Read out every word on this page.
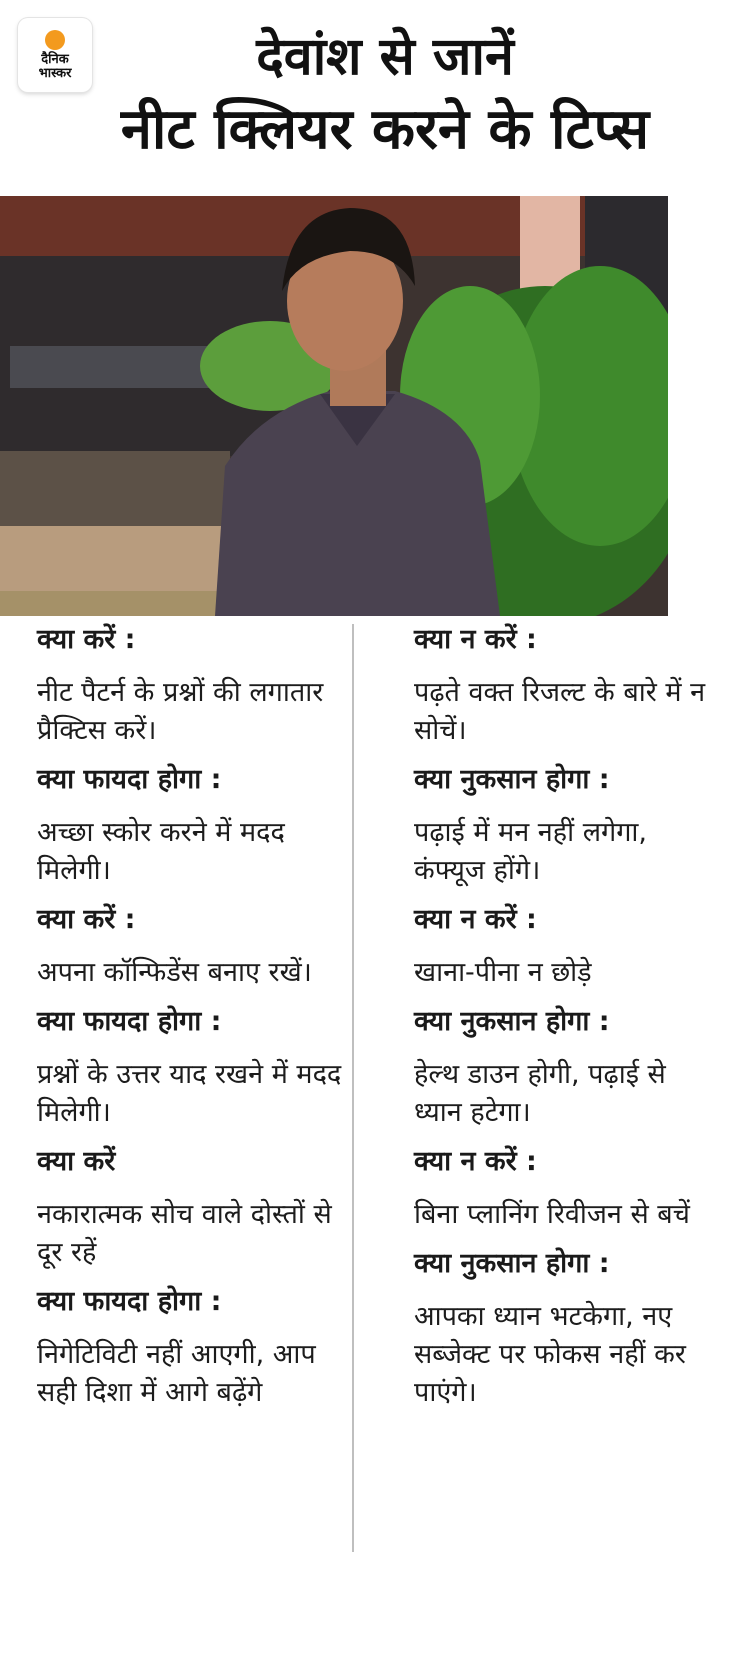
दैनिक
भास्कर	देवांश से जानें
नीट क्लियर करने के टिप्स
क्या करें :
नीट पैटर्न के प्रश्नों की लगातार प्रैक्टिस करें।
क्या फायदा होगा :
अच्छा स्कोर करने में मदद मिलेगी।
क्या करें :
अपना कॉन्फिडेंस बनाए रखें।
क्या फायदा होगा :
प्रश्नों के उत्तर याद रखने में मदद मिलेगी।
क्या करें
नकारात्मक सोच वाले दोस्तों से दूर रहें
क्या फायदा होगा :
निगेटिविटी नहीं आएगी, आप सही दिशा में आगे बढ़ेंगे
क्या न करें :
पढ़ते वक्त रिजल्ट के बारे में न सोचें।
क्या नुकसान होगा :
पढ़ाई में मन नहीं लगेगा, कंफ्यूज होंगे।
क्या न करें :
खाना-पीना न छोड़े
क्या नुकसान होगा :
हेल्थ डाउन होगी, पढ़ाई से ध्यान हटेगा।
क्या न करें :
बिना प्लानिंग रिवीजन से बचें
क्या नुकसान होगा :
आपका ध्यान भटकेगा, नए सब्जेक्ट पर फोकस नहीं कर पाएंगे।
